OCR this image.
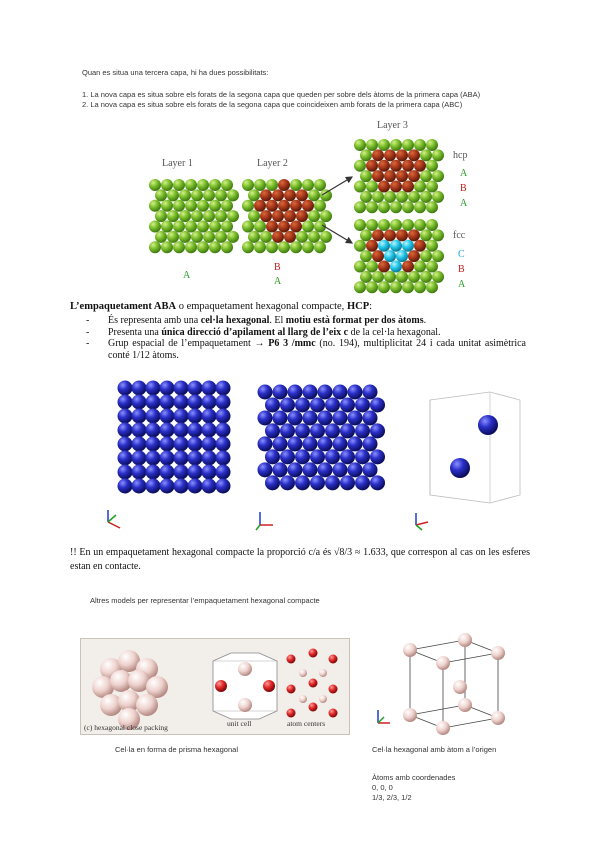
Quan es situa una tercera capa, hi ha dues possibilitats:
1. La nova capa es situa sobre els forats de la segona capa que queden per sobre dels àtoms de la primera capa (ABA)
2. La nova capa es situa sobre els forats de la segona capa que coincideixen amb forats de la primera capa (ABC)
Layer 1	Layer 2
Layer 3
hcp
fcc
A
B
A
A
B
A
C
B
A
L’empaquetament ABA o empaquetament hexagonal compacte, HCP:
- És representa amb una cel·la hexagonal. El motiu està format per dos àtoms.
- Presenta una única direcció d’apilament al llarg de l’eix c de la cel·la hexagonal.
- Grup espacial de l’empaquetament → P6 3 /mmc (no. 194), multiplicitat 24 i cada unitat asimètrica conté 1/12 àtoms.
!! En un empaquetament hexagonal compacte la proporció c/a és √8/3 ≈ 1.633, que correspon al cas on les esferes estan en contacte.
Altres models per representar l’empaquetament hexagonal compacte
(c) hexagonal close packing	unit cell	atom centers
Cel·la en forma de prisma hexagonal	Cel·la hexagonal amb àtom a l’origen
Àtoms amb coordenades
0, 0, 0
1/3, 2/3, 1/2
